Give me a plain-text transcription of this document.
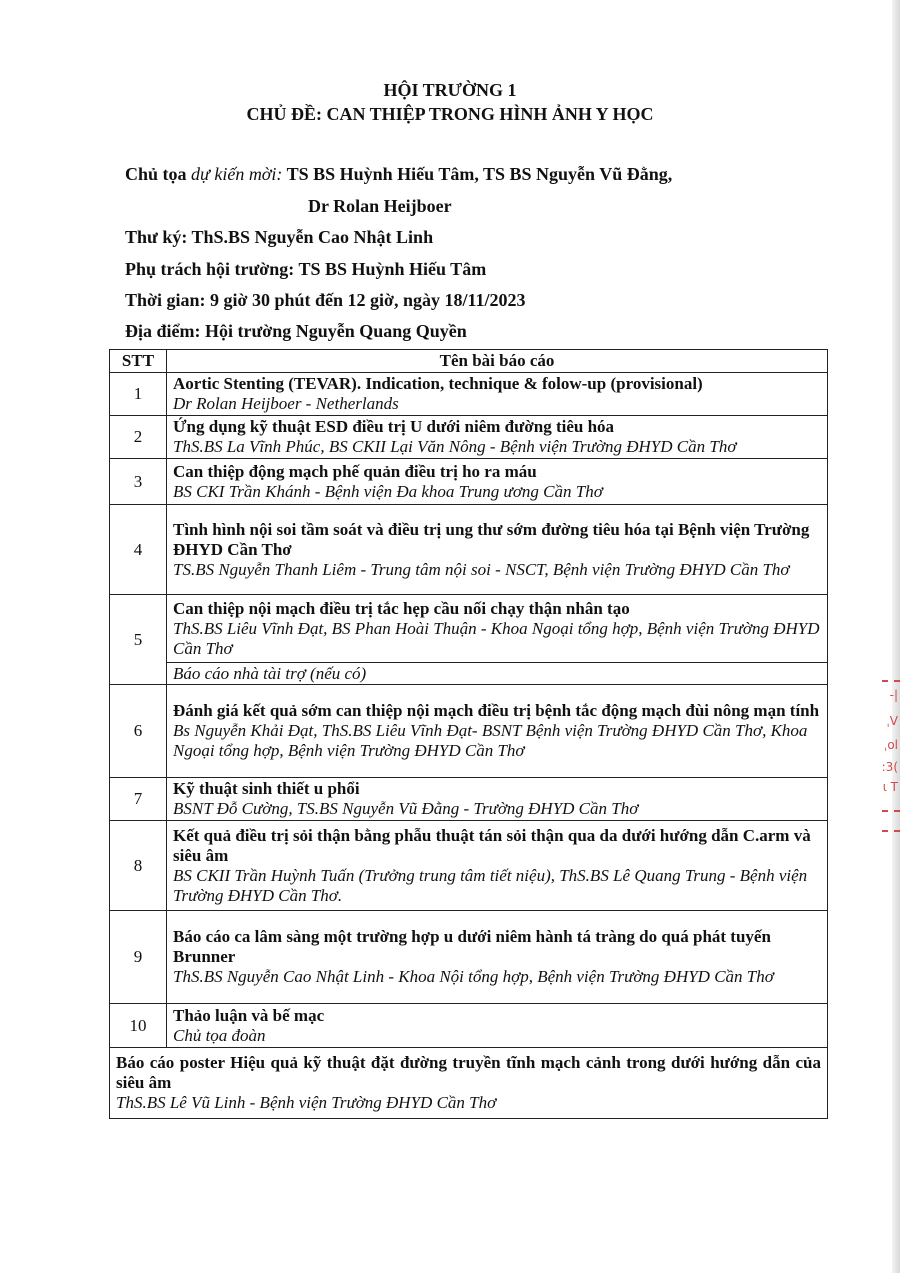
HỘI TRƯỜNG 1
CHỦ ĐỀ: CAN THIỆP TRONG HÌNH ẢNH Y HỌC
Chủ tọa dự kiến mời: TS BS Huỳnh Hiếu Tâm, TS BS Nguyễn Vũ Đằng,
Dr Rolan Heijboer
Thư ký: ThS.BS Nguyễn Cao Nhật Linh
Phụ trách hội trường: TS BS Huỳnh Hiếu Tâm
Thời gian: 9 giờ 30 phút đến 12 giờ, ngày 18/11/2023
Địa điểm: Hội trường Nguyễn Quang Quyền
STT	Tên bài báo cáo
1	Aortic Stenting (TEVAR). Indication, technique & folow-up (provisional)
Dr Rolan Heijboer - Netherlands

2	Ứng dụng kỹ thuật ESD điều trị U dưới niêm đường tiêu hóa
ThS.BS La Vĩnh Phúc, BS CKII Lại Văn Nông - Bệnh viện Trường ĐHYD Cần Thơ

3	Can thiệp động mạch phế quản điều trị ho ra máu
BS CKI Trần Khánh - Bệnh viện Đa khoa Trung ương Cần Thơ

4	Tình hình nội soi tầm soát và điều trị ung thư sớm đường tiêu hóa tại Bệnh viện Trường ĐHYD Cần Thơ
TS.BS Nguyễn Thanh Liêm - Trung tâm nội soi - NSCT, Bệnh viện Trường ĐHYD Cần Thơ

5	Can thiệp nội mạch điều trị tắc hẹp cầu nối chạy thận nhân tạo
ThS.BS Liêu Vĩnh Đạt, BS Phan Hoài Thuận - Khoa Ngoại tổng hợp, Bệnh viện Trường ĐHYD Cần Thơ

	Báo cáo nhà tài trợ (nếu có)
6	Đánh giá kết quả sớm can thiệp nội mạch điều trị bệnh tắc động mạch đùi nông mạn tính
Bs Nguyễn Khải Đạt, ThS.BS Liêu Vĩnh Đạt- BSNT Bệnh viện Trường ĐHYD Cần Thơ, Khoa Ngoại tổng hợp, Bệnh viện Trường ĐHYD Cần Thơ

7	Kỹ thuật sinh thiết u phổi
BSNT Đỗ Cường, TS.BS Nguyễn Vũ Đằng - Trường ĐHYD Cần Thơ

8	Kết quả điều trị sỏi thận bằng phẫu thuật tán sỏi thận qua da dưới hướng dẫn C.arm và siêu âm
BS CKII Trần Huỳnh Tuấn (Trưởng trung tâm tiết niệu), ThS.BS Lê Quang Trung - Bệnh viện Trường ĐHYD Cần Thơ.

9	Báo cáo ca lâm sàng một trường hợp u dưới niêm hành tá tràng do quá phát tuyến Brunner
ThS.BS Nguyễn Cao Nhật Linh - Khoa Nội tổng hợp, Bệnh viện Trường ĐHYD Cần Thơ

10	Thảo luận và bế mạc
Chủ tọa đoàn

Báo cáo poster Hiệu quả kỹ thuật đặt đường truyền tĩnh mạch cảnh trong dưới hướng dẫn của siêu âm
ThS.BS Lê Vũ Linh - Bệnh viện Trường ĐHYD Cần Thơ	
-|
ˌV
ˌol
:3(
ι T
